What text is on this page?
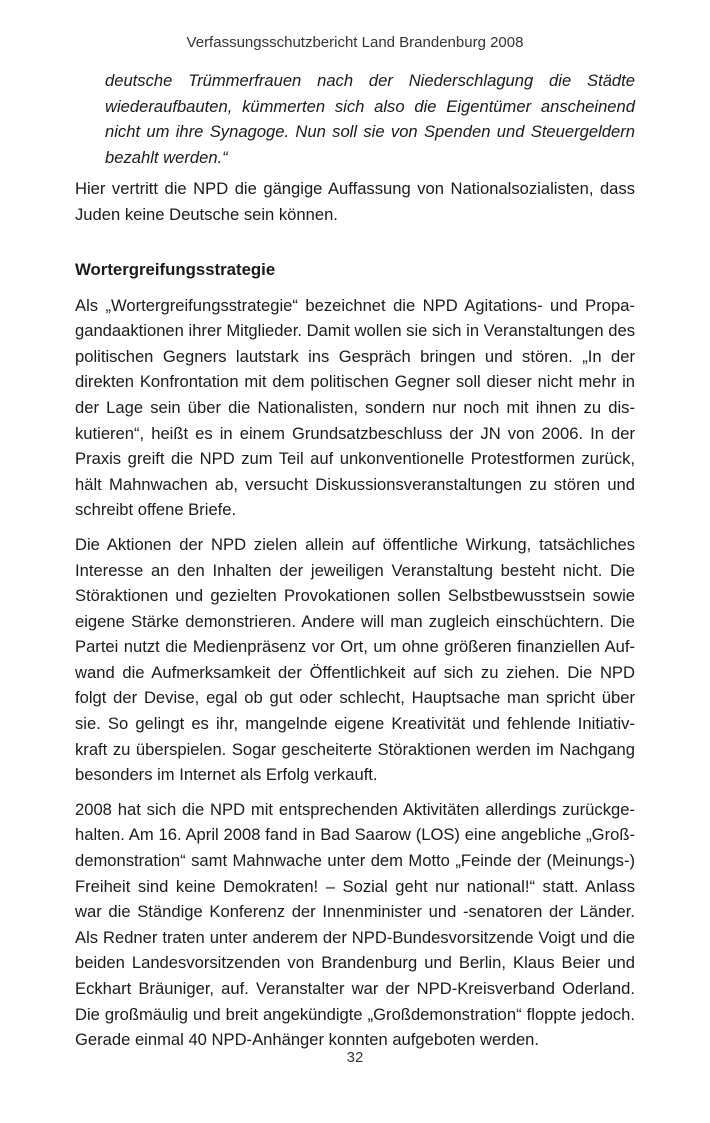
Verfassungsschutzbericht Land Brandenburg 2008

deutsche Trümmerfrauen nach der Niederschlagung die Städte wiederaufbauten, kümmerten sich also die Eigentümer anscheinend nicht um ihre Synagoge. Nun soll sie von Spenden und Steuergeldern bezahlt werden.“

Hier vertritt die NPD die gängige Auffassung von Nationalsozialisten, dass Juden keine Deutsche sein können.

Wortergreifungsstrategie

Als „Wortergreifungsstrategie“ bezeichnet die NPD Agitations- und Propagandaaktionen ihrer Mitglieder. Damit wollen sie sich in Veranstaltungen des politischen Gegners lautstark ins Gespräch bringen und stören. „In der direkten Konfrontation mit dem politischen Gegner soll dieser nicht mehr in der Lage sein über die Nationalisten, sondern nur noch mit ihnen zu diskutieren“, heißt es in einem Grundsatzbeschluss der JN von 2006. In der Praxis greift die NPD zum Teil auf unkonventionelle Protestformen zurück, hält Mahnwachen ab, versucht Diskussionsveranstaltungen zu stören und schreibt offene Briefe.

Die Aktionen der NPD zielen allein auf öffentliche Wirkung, tatsächliches Interesse an den Inhalten der jeweiligen Veranstaltung besteht nicht. Die Störaktionen und gezielten Provokationen sollen Selbstbewusstsein sowie eigene Stärke demonstrieren. Andere will man zugleich einschüchtern. Die Partei nutzt die Medienpräsenz vor Ort, um ohne größeren finanziellen Aufwand die Aufmerksamkeit der Öffentlichkeit auf sich zu ziehen. Die NPD folgt der Devise, egal ob gut oder schlecht, Hauptsache man spricht über sie. So gelingt es ihr, mangelnde eigene Kreativität und fehlende Initiativkraft zu überspielen. Sogar gescheiterte Störaktionen werden im Nachgang besonders im Internet als Erfolg verkauft.

2008 hat sich die NPD mit entsprechenden Aktivitäten allerdings zurückgehalten. Am 16. April 2008 fand in Bad Saarow (LOS) eine angebliche „Großdemonstration“ samt Mahnwache unter dem Motto „Feinde der (Meinungs-) Freiheit sind keine Demokraten! – Sozial geht nur national!“ statt. Anlass war die Ständige Konferenz der Innenminister und -senatoren der Länder. Als Redner traten unter anderem der NPD-Bundesvorsitzende Voigt und die beiden Landesvorsitzenden von Brandenburg und Berlin, Klaus Beier und Eckhart Bräuniger, auf. Veranstalter war der NPD-Kreisverband Oderland. Die großmäulig und breit angekündigte „Großdemonstration“ floppte jedoch. Gerade einmal 40 NPD-Anhänger konnten aufgeboten werden.

32
